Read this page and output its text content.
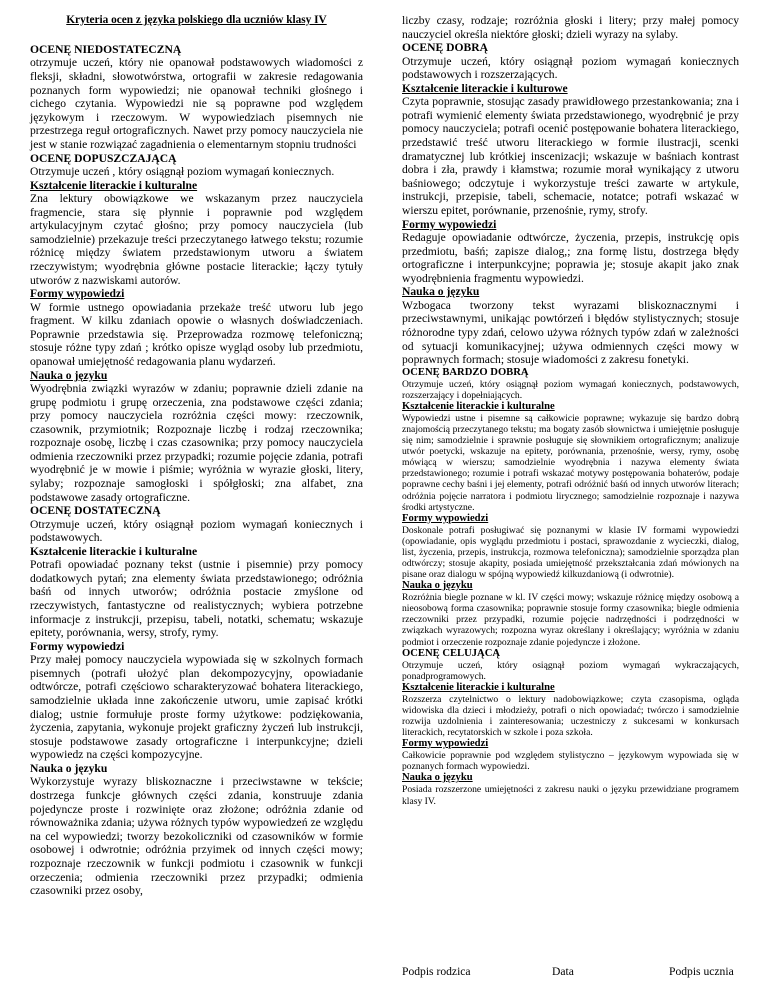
Kryteria ocen z języka polskiego dla uczniów klasy IV

OCENĘ NIEDOSTATECZNĄ

otrzymuje uczeń, który nie opanował podstawowych wiadomości z fleksji, składni, słowotwórstwa, ortografii w zakresie redagowania poznanych form wypowiedzi; nie opanował techniki głośnego i cichego czytania. Wypowiedzi nie są poprawne pod względem językowym i rzeczowym. W wypowiedziach pisemnych nie przestrzega reguł ortograficznych. Nawet przy pomocy nauczyciela nie jest w stanie rozwiązać zagadnienia o elementarnym stopniu trudności

OCENĘ DOPUSZCZAJĄCĄ

Otrzymuje uczeń , który osiągnął poziom wymagań koniecznych.

Kształcenie literackie i kulturalne

Zna lektury obowiązkowe we wskazanym przez nauczyciela fragmencie, stara się płynnie i poprawnie pod względem artykulacyjnym czytać głośno; przy pomocy nauczyciela (lub samodzielnie) przekazuje treści przeczytanego łatwego tekstu; rozumie różnicę między światem przedstawionym utworu a światem rzeczywistym; wyodrębnia główne postacie literackie; łączy tytuły utworów z nazwiskami autorów.

Formy wypowiedzi

W formie ustnego opowiadania przekaże treść utworu lub jego fragment. W kilku zdaniach opowie o własnych doświadczeniach. Poprawnie przedstawia się. Przeprowadza rozmowę telefoniczną; stosuje różne typy zdań ; krótko opisze wygląd osoby lub przedmiotu, opanował umiejętność redagowania planu wydarzeń.

Nauka o języku

Wyodrębnia związki wyrazów w zdaniu; poprawnie dzieli zdanie na grupę podmiotu i grupę orzeczenia, zna podstawowe części zdania; przy pomocy nauczyciela rozróżnia części mowy: rzeczownik, czasownik, przymiotnik; Rozpoznaje liczbę i rodzaj rzeczownika; rozpoznaje osobę, liczbę i czas czasownika; przy pomocy nauczyciela odmienia rzeczowniki przez przypadki; rozumie pojęcie zdania, potrafi wyodrębnić je w mowie i piśmie; wyróżnia w wyrazie głoski, litery, sylaby; rozpoznaje samogłoski i spółgłoski; zna alfabet, zna podstawowe zasady ortograficzne.

OCENĘ DOSTATECZNĄ

Otrzymuje uczeń, który osiągnął poziom wymagań koniecznych i podstawowych.

Kształcenie literackie i kulturalne

Potrafi opowiadać poznany tekst (ustnie i pisemnie) przy pomocy dodatkowych pytań; zna elementy świata przedstawionego; odróżnia baśń od innych utworów; odróżnia postacie zmyślone od rzeczywistych, fantastyczne od realistycznych; wybiera potrzebne informacje z instrukcji, przepisu, tabeli, notatki, schematu; wskazuje epitety, porównania, wersy, strofy, rymy.

Formy wypowiedzi

Przy małej pomocy nauczyciela wypowiada się w szkolnych formach pisemnych (potrafi ułożyć plan dekompozycyjny, opowiadanie odtwórcze, potrafi częściowo scharakteryzować bohatera literackiego, samodzielnie układa inne zakończenie utworu, umie zapisać krótki dialog; ustnie formułuje proste formy użytkowe: podziękowania, życzenia, zapytania, wykonuje projekt graficzny życzeń lub instrukcji, stosuje podstawowe zasady ortograficzne i interpunkcyjne; dzieli wypowiedz na części kompozycyjne.

Nauka o języku

Wykorzystuje wyrazy bliskoznaczne i przeciwstawne w tekście; dostrzega funkcje głównych części zdania, konstruuje zdania pojedyncze proste i rozwinięte oraz złożone; odróżnia zdanie od równoważnika zdania; używa różnych typów wypowiedzeń ze względu na cel wypowiedzi; tworzy bezokoliczniki od czasowników w formie osobowej i odwrotnie; odróżnia przyimek od innych części mowy; rozpoznaje rzeczownik w funkcji podmiotu i czasownik w funkcji orzeczenia; odmienia rzeczowniki przez przypadki; odmienia czasowniki przez osoby,

liczby czasy, rodzaje; rozróżnia głoski i litery; przy małej pomocy nauczyciel określa niektóre głoski; dzieli wyrazy na sylaby.

OCENĘ DOBRĄ

Otrzymuje uczeń, który osiągnął poziom wymagań koniecznych podstawowych i rozszerzających.

Kształcenie literackie i kulturowe

Czyta poprawnie, stosując zasady prawidłowego przestankowania; zna i potrafi wymienić elementy świata przedstawionego, wyodrębnić je przy pomocy nauczyciela; potrafi ocenić postępowanie bohatera literackiego, przedstawić treść utworu literackiego w formie ilustracji, scenki dramatycznej lub krótkiej inscenizacji; wskazuje w baśniach kontrast dobra i zła, prawdy i kłamstwa; rozumie morał wynikający z utworu baśniowego; odczytuje i wykorzystuje treści zawarte w artykule, instrukcji, przepisie, tabeli, schemacie, notatce; potrafi wskazać w wierszu epitet, porównanie, przenośnie, rymy, strofy.

Formy wypowiedzi

Redaguje opowiadanie odtwórcze, życzenia, przepis, instrukcję opis przedmiotu, baśń; zapisze dialog,; zna formę listu, dostrzega błędy ortograficzne i interpunkcyjne; poprawia je; stosuje akapit jako znak wyodrębnienia fragmentu wypowiedzi.

Nauka o języku

Wzbogaca tworzony tekst wyrazami bliskoznacznymi i przeciwstawnymi, unikając powtórzeń i błędów stylistycznych; stosuje różnorodne typy zdań, celowo używa różnych typów zdań w zależności od sytuacji komunikacyjnej; używa odmiennych części mowy w poprawnych formach; stosuje wiadomości z zakresu fonetyki.

OCENĘ BARDZO DOBRĄ

Otrzymuje uczeń, który osiągnął poziom wymagań koniecznych, podstawowych, rozszerzający i dopełniających.

Kształcenie literackie i kulturalne

Wypowiedzi ustne i pisemne są całkowicie poprawne; wykazuje się bardzo dobrą znajomością przeczytanego tekstu; ma bogaty zasób słownictwa i umiejętnie posługuje się nim; samodzielnie i sprawnie posługuje się słownikiem ortograficznym; analizuje utwór poetycki, wskazuje na epitety, porównania, przenośnie, wersy, rymy, osobę mówiącą w wierszu; samodzielnie wyodrębnia i nazywa elementy świata przedstawionego; rozumie i potrafi wskazać motywy postępowania bohaterów, podaje poprawne cechy baśni i jej elementy, potrafi odróżnić baśń od innych utworów literach; odróżnia pojęcie narratora i podmiotu lirycznego; samodzielnie rozpoznaje i nazywa środki artystyczne.

Formy wypowiedzi

Doskonale potrafi posługiwać się poznanymi w klasie IV formami wypowiedzi (opowiadanie, opis wyglądu przedmiotu i postaci, sprawozdanie z wycieczki, dialog, list, życzenia, przepis, instrukcja, rozmowa telefoniczna); samodzielnie sporządza plan odtwórczy; stosuje akapity, posiada umiejętność przekształcania zdań mówionych na pisane oraz dialogu w spójną wypowiedź kilkuzdaniową (i odwrotnie).

Nauka o języku

Rozróżnia biegle poznane w kl. IV części mowy; wskazuje różnicę między osobową a nieosobową forma czasownika; poprawnie stosuje formy czasownika; biegle odmienia rzeczowniki przez przypadki, rozumie pojęcie nadrzędności i podrzędności w związkach wyrazowych; rozpozna wyraz określany i określający; wyróżnia w zdaniu podmiot i orzeczenie rozpoznaje zdanie pojedyncze i złożone.

OCENĘ CELUJĄCĄ

Otrzymuje uczeń, który osiągnął poziom wymagań wykraczających, ponadprogramowych.

Kształcenie literackie i kulturalne

Rozszerza czytelnictwo o lektury nadobowiązkowe; czyta czasopisma, ogląda widowiska dla dzieci i młodzieży, potrafi o nich opowiadać; twórczo i samodzielnie rozwija uzdolnienia i zainteresowania; uczestniczy z sukcesami w konkursach literackich, recytatorskich w szkole i poza szkoła.

Formy wypowiedzi

Całkowicie poprawnie pod względem stylistyczno – językowym wypowiada się w poznanych formach wypowiedzi.

Nauka o języku

Posiada rozszerzone umiejętności z zakresu nauki o języku przewidziane programem klasy IV.

Podpis rodzica	Data	Podpis ucznia
